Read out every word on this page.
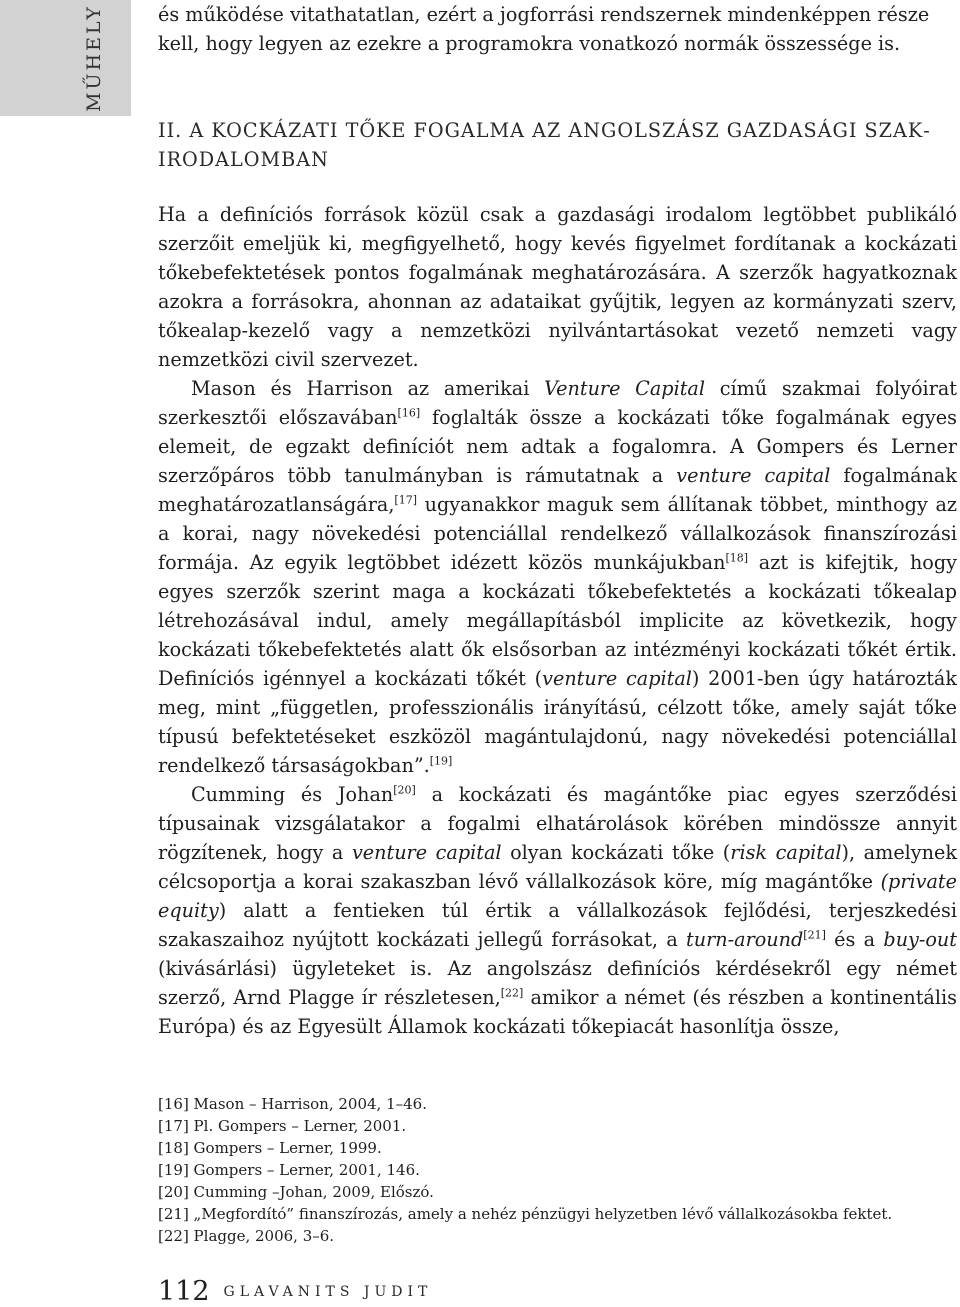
MŰHELY	és működése vitathatatlan, ezért a jogforrási rendszernek mindenképpen része
kell, hogy legyen az ezekre a programokra vonatkozó normák összessége is.
II. A KOCKÁZATI TŐKE FOGALMA AZ ANGOLSZÁSZ GAZDASÁGI SZAKIRODALOMBAN

Ha a definíciós források közül csak a gazdasági irodalom legtöbbet publikáló szerzőit emeljük ki, megfigyelhető, hogy kevés figyelmet fordítanak a kockázati tőkebefektetések pontos fogalmának meghatározására. A szerzők hagyatkoznak azokra a forrásokra, ahonnan az adataikat gyűjtik, legyen az kormányzati szerv, tőkealap-kezelő vagy a nemzetközi nyilvántartásokat vezető nemzeti vagy nemzetközi civil szervezet.

Mason és Harrison az amerikai Venture Capital című szakmai folyóirat szerkesztői előszavában[16] foglalták össze a kockázati tőke fogalmának egyes elemeit, de egzakt definíciót nem adtak a fogalomra. A Gompers és Lerner szerzőpáros több tanulmányban is rámutatnak a venture capital fogalmának meghatározatlanságára,[17] ugyanakkor maguk sem állítanak többet, minthogy az a korai, nagy növekedési potenciállal rendelkező vállalkozások finanszírozási formája. Az egyik legtöbbet idézett közös munkájukban[18] azt is kifejtik, hogy egyes szerzők szerint maga a kockázati tőkebefektetés a kockázati tőkealap létrehozásával indul, amely megállapításból implicite az következik, hogy kockázati tőkebefektetés alatt ők elsősorban az intézményi kockázati tőkét értik. Definíciós igénnyel a kockázati tőkét (venture capital) 2001-ben úgy határozták meg, mint „független, professzionális irányítású, célzott tőke, amely saját tőke típusú befektetéseket eszközöl magántulajdonú, nagy növekedési potenciállal rendelkező társaságokban”.[19]

Cumming és Johan[20] a kockázati és magántőke piac egyes szerződési típusainak vizsgálatakor a fogalmi elhatárolások körében mindössze annyit rögzítenek, hogy a venture capital olyan kockázati tőke (risk capital), amelynek célcsoportja a korai szakaszban lévő vállalkozások köre, míg magántőke (private equity) alatt a fentieken túl értik a vállalkozások fejlődési, terjeszkedési szakaszaihoz nyújtott kockázati jellegű forrásokat, a turn-around[21] és a buy-out (kivásárlási) ügyleteket is. Az angolszász definíciós kérdésekről egy német szerző, Arnd Plagge ír részletesen,[22] amikor a német (és részben a kontinentális Európa) és az Egyesült Államok kockázati tőkepiacát hasonlítja össze,

[16] Mason – Harrison, 2004, 1–46.

[17] Pl. Gompers – Lerner, 2001.

[18] Gompers – Lerner, 1999.

[19] Gompers – Lerner, 2001, 146.

[20] Cumming –Johan, 2009, Előszó.

[21] „Megfordító” finanszírozás, amely a nehéz pénzügyi helyzetben lévő vállalkozásokba fektet.

[22] Plagge, 2006, 3–6.

112 GLAVANITS JUDIT
